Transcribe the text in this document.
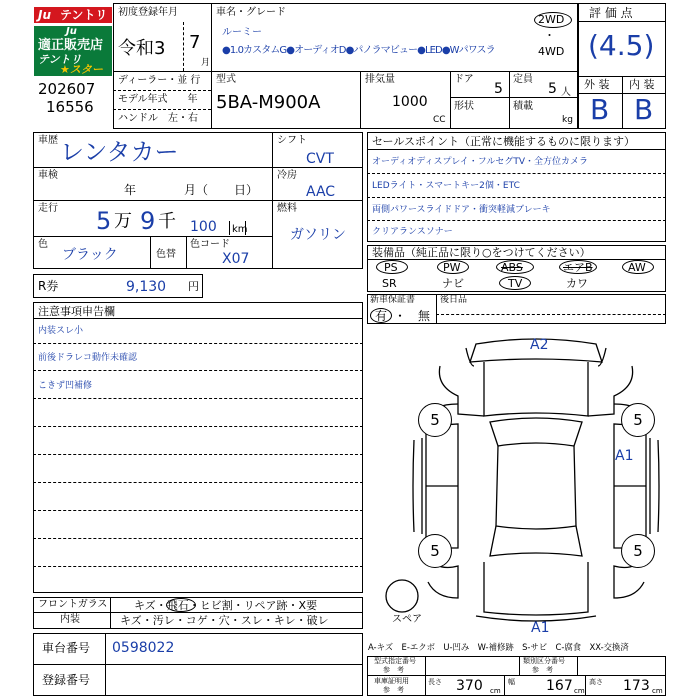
Ju テントリ
Ju
適正販売店
テントリ
★スター
202607
16556
初度登録年月
令和3 7
月
車名・グレード
ルーミー
●1.0カスタムG●オーディオD●パノラマビュー●LED●Wパワスラ
2WD
・
4WD
ディーラー・並 行
モデル年式　　年
ハンドル　左・右
型式
5BA-M900A
排気量
1000
CC
ドア
5
定員
5 人
形状	積載
kg
評 価 点
(4.5)
外 装 内 装
B B
車歴 レンタカー
車検
年	月（ 日）
走行 5 万 9 千 100 km
色
ブラック	色替
色コード
X07
シフト
CVT
冷房
AAC
燃料
ガソリン
R券	9,130 円
セールスポイント（正常に機能するものに限ります）
オーディオディスプレイ・フルセグTV・全方位カメラ
LEDライト・スマートキー2個・ETC
両側パワースライドドア・衝突軽減ブレーキ
クリアランスソナー
装備品（純正品に限り○をつけてください）
PS	PW	ABS	エアB	AW
SR	ナビ	TV	カワ
新車保証書
有 ・ 無
後日品
注意事項申告欄
内装スレ小
前後ドラレコ動作未確認
こきず凹補修
5	5
5	5
A2
A1
A1
スペア
A-キズ　E-エクボ　U-凹み　W-補修跡　S-サビ　C-腐食　XX-交換済
フロントガラス キズ・飛石・ヒビ割・リペア跡・X要
内装	キズ・汚レ・コゲ・穴・スレ・キレ・破レ
車台番号 0598022
登録番号
型式指定番号
参　考
類別区分番号
参　考
車庫証明用
参　考
長さ 370 cm
幅 167 cm
高さ 173 cm
